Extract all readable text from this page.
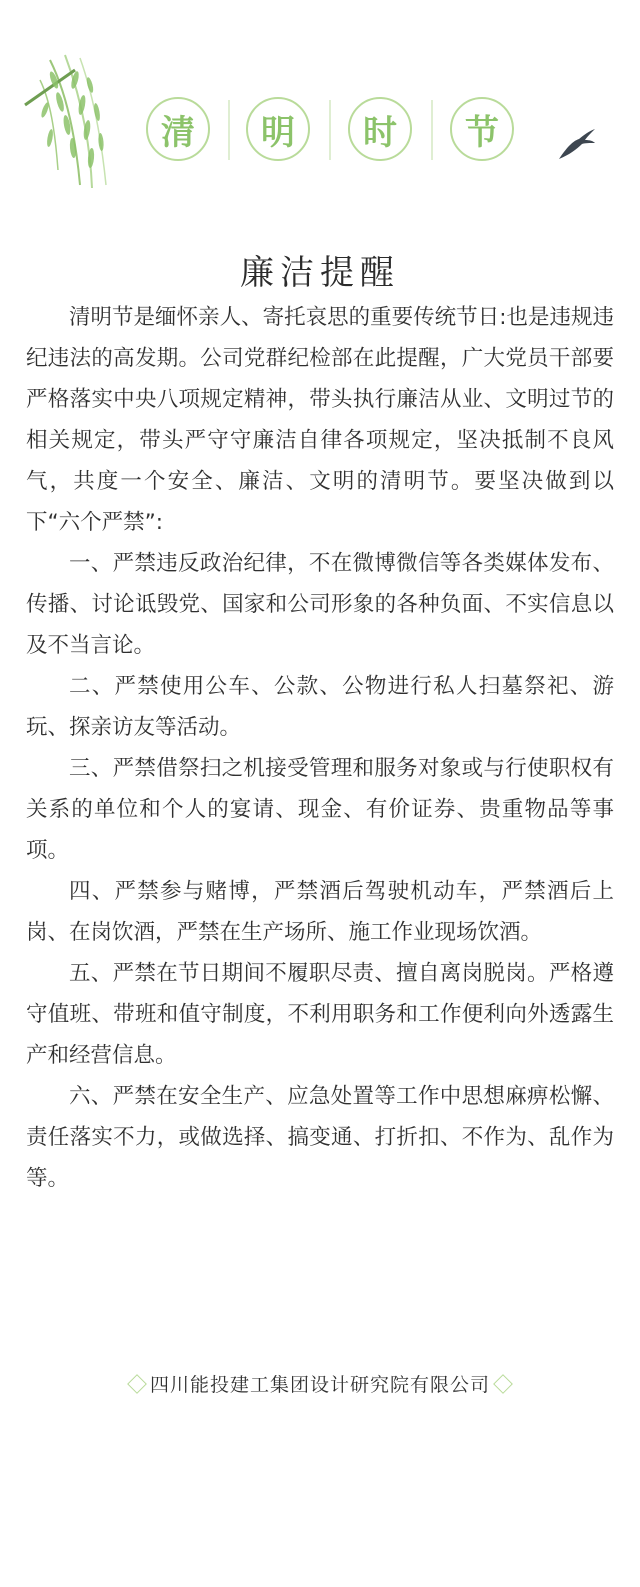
清	明	时	节
廉洁提醒

清明节是缅怀亲人、寄托哀思的重要传统节日:也是违规违纪违法的高发期。公司党群纪检部在此提醒，广大党员干部要严格落实中央八项规定精神，带头执行廉洁从业、文明过节的相关规定，带头严守守廉洁自律各项规定，坚决抵制不良风气，共度一个安全、廉洁、文明的清明节。要坚决做到以下“六个严禁”:

一、严禁违反政治纪律，不在微博微信等各类媒体发布、传播、讨论诋毁党、国家和公司形象的各种负面、不实信息以及不当言论。

二、严禁使用公车、公款、公物进行私人扫墓祭祀、游玩、探亲访友等活动。

三、严禁借祭扫之机接受管理和服务对象或与行使职权有关系的单位和个人的宴请、现金、有价证券、贵重物品等事项。

四、严禁参与赌博，严禁酒后驾驶机动车，严禁酒后上岗、在岗饮酒，严禁在生产场所、施工作业现场饮酒。

五、严禁在节日期间不履职尽责、擅自离岗脱岗。严格遵守值班、带班和值守制度，不利用职务和工作便利向外透露生产和经营信息。

六、严禁在安全生产、应急处置等工作中思想麻痹松懈、责任落实不力，或做选择、搞变通、打折扣、不作为、乱作为等。

四川能投建工集团设计研究院有限公司
